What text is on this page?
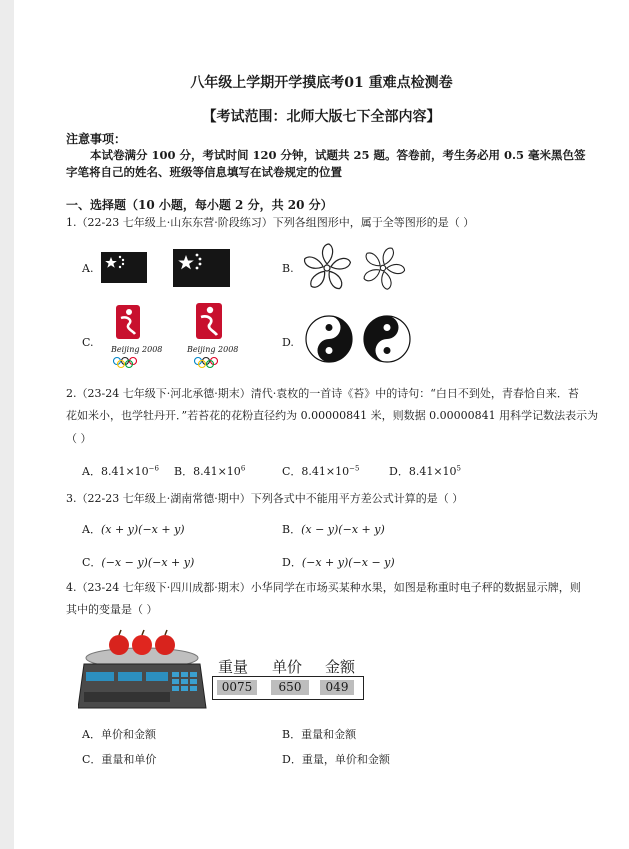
八年级上学期开学摸底考01 重难点检测卷
【考试范围：北师大版七下全部内容】
注意事项：
本试卷满分 100 分，考试时间 120 分钟，试题共 25 题。答卷前，考生务必用 0.5 毫米黑色签字笔将自己的姓名、班级等信息填写在试卷规定的位置
一、选择题（10 小题，每小题 2 分，共 20 分）
1.（22-23 七年级上·山东东营·阶段练习）下列各组图形中，属于全等图形的是（ ）
A.	B.
C.
Beijing 2008	Beijing 2008
D.
2.（23-24 七年级下·河北承德·期末）清代·袁枚的一首诗《苔》中的诗句：“白日不到处，青春恰自来．苔
花如米小，也学牡丹开．”若苔花的花粉直径约为 0.00000841 米，则数据 0.00000841 用科学记数法表示为
（ ）
A．$8.41\times 10^{-6}$ B．$8.41\times 10^6$	C．$8.41\times 10^{-5}$	D．$8.41\times 10^5$
3.（22-23 七年级上·湖南常德·期中）下列各式中不能用平方差公式计算的是（ ）
A．(x + y)(−x + y)	B．(x − y)(−x + y)
C．(−x − y)(−x + y)	D．(−x + y)(−x − y)
4.（23-24 七年级下·四川成都·期末）小华同学在市场买某种水果，如图是称重时电子秤的数据显示牌，则
其中的变量是（ ）
重量 单价 金额
0075	650	049
A．单价和金额	B．重量和金额
C．重量和单价	D．重量，单价和金额
